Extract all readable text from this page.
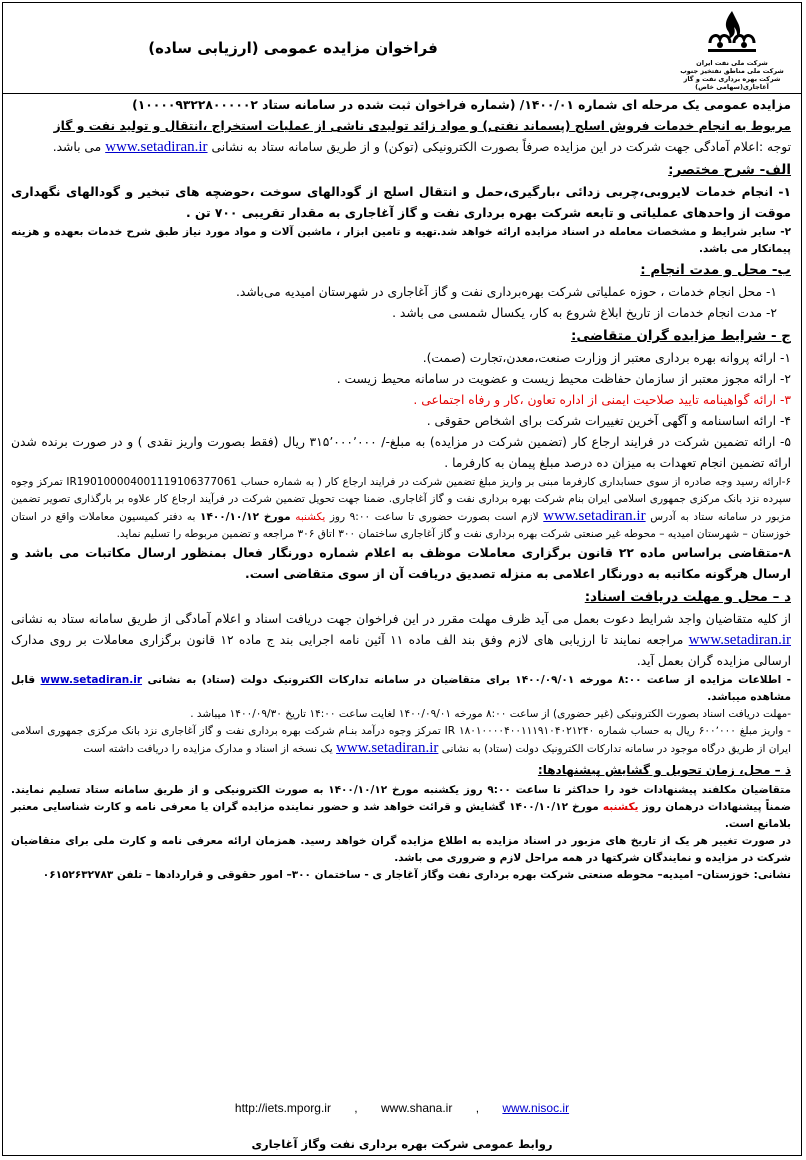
شرکت ملی نفت ایران
شرکت ملی مناطق نفتخیز جنوب
شرکت بهره برداری نفت و گاز آغاجاری(سهامی خاص)
فراخوان مزایده عمومی (ارزیابی ساده)

مزایده عمومی یک مرحله ای شماره ۱۴۰۰/۰۱/ (شماره فراخوان ثبت شده در سامانه ستاد ۱۰۰۰۰۹۳۲۲۸۰۰۰۰۰۲)

مربوط به انجام خدمات فروش اسلج (پسماند نفتی) و مواد زائد تولیدی ناشی از عملیات استخراج ،انتقال و تولید نفت و گاز

توجه :اعلام آمادگی جهت شرکت در این مزایده صرفاً بصورت الکترونیکی (توکن) و از طریق سامانه ستاد به نشانی www.setadiran.ir می باشد.

الف- شرح مختصر:

۱- انجام خدمات لایروبی،چربی زدائی ،بارگیری،حمل و انتقال اسلج از گودالهای سوخت ،حوضچه های تبخیر و گودالهای نگهداری موقت از واحدهای عملیاتی و تابعه شرکت بهره برداری نفت و گاز آغاجاری به مقدار تقریبی ۷۰۰ تن .

۲- سایر شرایط و مشخصات معامله در اسناد مزایده ارائه خواهد شد.تهیه و تامین ابزار ، ماشین آلات و مواد مورد نیاز طبق شرح خدمات بعهده و هزینه پیمانکار می باشد.

ب- محل و مدت انجام :

۱- محل انجام خدمات ، حوزه عملیاتی شرکت بهره‌برداری نفت و گاز آغاجاری در شهرستان امیدیه می‌باشد.

۲- مدت انجام خدمات از تاریخ ابلاغ شروع به کار، یکسال شمسی می باشد .

ج - شرایط مزایده گران متقاضی:

۱- ارائه پروانه بهره برداری معتبر از وزارت صنعت،معدن،تجارت (صمت).

۲- ارائه مجوز معتبر از سازمان حفاظت محیط زیست و عضویت در سامانه محیط زیست .

۳- ارائه گواهینامه تایید صلاحیت ایمنی از اداره تعاون ،کار و رفاه اجتماعی .

۴- ارائه اساسنامه و آگهی آخرین تغییرات شرکت برای اشخاص حقوقی .

۵- ارائه تضمین شرکت در فرایند ارجاع کار (تضمین شرکت در مزایده) به مبلغ-/ ۳۱۵٬۰۰۰٬۰۰۰ ریال (فقط بصورت واریز نقدی ) و در صورت برنده شدن ارائه تضمین انجام تعهدات به میزان ده درصد مبلغ پیمان به کارفرما .

۶-ارائه رسید وجه صادره از سوی حسابداری کارفرما مبنی بر واریز مبلغ تضمین شرکت در فرایند ارجاع کار ( به شماره حساب IR190100004001119106377061 تمرکز وجوه سپرده نزد بانک مرکزی جمهوری اسلامی ایران بنام شرکت بهره برداری نفت و گاز آغاجاری. ضمنا جهت تحویل تضمین شرکت در فرآیند ارجاع کار علاوه بر بارگذاری تصویر تضمین مزبور در سامانه ستاد به آدرس www.setadiran.ir لازم است بصورت حضوری تا ساعت ۹:۰۰ روز یکشنبه مورخ ۱۴۰۰/۱۰/۱۲ به دفتر کمیسیون معاملات واقع در استان خوزستان – شهرستان امیدیه – محوطه غیر صنعتی شرکت بهره برداری نفت و گاز آغاجاری ساختمان ۳۰۰ اتاق ۳۰۶ مراجعه و تضمین مربوطه را تسلیم نماید.

۸-متقاضی براساس ماده ۲۲ قانون برگزاری معاملات موظف به اعلام شماره دورنگار فعال بمنظور ارسال مکاتبات می باشد و ارسال هرگونه مکاتبه به دورنگار اعلامی به منزله تصدیق دریافت آن از سوی متقاضی است.

د – محل و مهلت دریافت اسناد:

از کلیه متقاضیان واجد شرایط دعوت بعمل می آید ظرف مهلت مقرر در این فراخوان جهت دریافت اسناد و اعلام آمادگی از طریق سامانه ستاد به نشانی www.setadiran.ir مراجعه نمایند تا ارزیابی های لازم وفق بند الف ماده ۱۱ آئین نامه اجرایی بند ج ماده ۱۲ قانون برگزاری معاملات بر روی مدارک ارسالی مزایده گران بعمل آید.

- اطلاعات مزایده از ساعت ۸:۰۰ مورخه ۱۴۰۰/۰۹/۰۱ برای متقاضیان در سامانه تدارکات الکترونیک دولت (ستاد) به نشانی www.setadiran.ir قابل مشاهده میباشد.

-مهلت دریافت اسناد بصورت الکترونیکی (غیر حضوری) از ساعت ۸:۰۰ مورخه ۱۴۰۰/۰۹/۰۱ لغایت ساعت ۱۴:۰۰ تاریخ ۱۴۰۰/۰۹/۳۰ میباشد .

- واریز مبلغ ۶۰۰٬۰۰۰ ریال به حساب شماره IR ۱۸۰۱۰۰۰۰۴۰۰۱۱۱۹۱۰۴۰۲۱۲۴۰ تمرکز وجوه درآمد بنـام شرکت بهره برداری نفت و گاز آغاجاری نزد بانک مرکزی جمهوری اسلامی ایران از طریق درگاه موجود در سامانه تدارکات الکترونیک دولت (ستاد) به نشانی www.setadiran.ir یک نسخه از اسناد و مدارک مزایده را دریافت داشته است

ذ – محل، زمان تحویل و گشایش پیشنهادها:

متقاضیان مکلفند پیشنهادات خود را حداکثر تا ساعت ۹:۰۰ روز یکشنبه مورخ ۱۴۰۰/۱۰/۱۲ به صورت الکترونیکی و از طریق سامانه ستاد تسلیم نمایند. ضمناً پیشنهادات درهمان روز یکشنبه مورخ ۱۴۰۰/۱۰/۱۲ گشایش و قرائت خواهد شد و حضور نماینده مزایده گران یا معرفی نامه و کارت شناسایی معتبر بلامانع است.

در صورت تغییر هر یک از تاریخ های مزبور در اسناد مزایده به اطلاع مزایده گران خواهد رسید. همزمان ارائه معرفی نامه و کارت ملی برای متقاضیان شرکت در مزایده و نمایندگان شرکتها در همه مراحل لازم و ضروری می باشد.

نشانی: خوزستان– امیدیه– محوطه صنعتی شرکت بهره برداری نفت وگاز آغاجار ی - ساختمان ۳۰۰– امور حقوقی و قراردادها – تلفن ۰۶۱۵۲۶۳۲۷۸۳

http://iets.mporg.ir , www.shana.ir , www.nisoc.ir
روابط عمومی شرکت بهره برداری نفت وگاز آغاجاری
